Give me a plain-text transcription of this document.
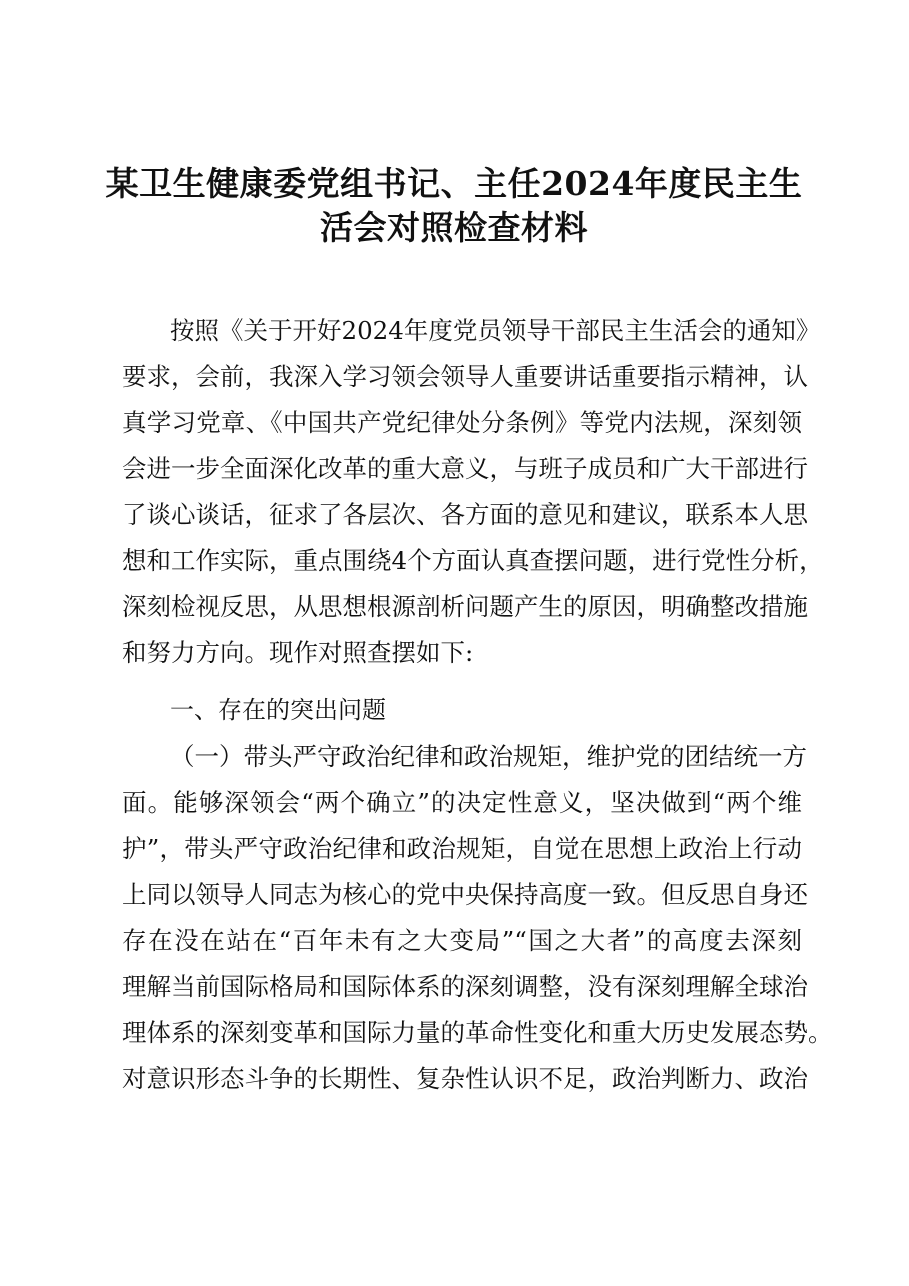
某卫生健康委党组书记、主任2024年度民主生
活会对照检查材料
按照《关于开好2024年度党员领导干部民主生活会的通知》
要求，会前，我深入学习领会领导人重要讲话重要指示精神，认
真学习党章、《中国共产党纪律处分条例》等党内法规，深刻领
会进一步全面深化改革的重大意义，与班子成员和广大干部进行
了谈心谈话，征求了各层次、各方面的意见和建议，联系本人思
想和工作实际，重点围绕4个方面认真查摆问题，进行党性分析，
深刻检视反思，从思想根源剖析问题产生的原因，明确整改措施
和努力方向。现作对照查摆如下:
一、存在的突出问题
（一）带头严守政治纪律和政治规矩，维护党的团结统一方
面。能够深领会“两个确立”的决定性意义，坚决做到“两个维
护”，带头严守政治纪律和政治规矩，自觉在思想上政治上行动
上同以领导人同志为核心的党中央保持高度一致。但反思自身还
存在没在站在“百年未有之大变局”“国之大者”的高度去深刻
理解当前国际格局和国际体系的深刻调整，没有深刻理解全球治
理体系的深刻变革和国际力量的革命性变化和重大历史发展态势。
对意识形态斗争的长期性、复杂性认识不足，政治判断力、政治
